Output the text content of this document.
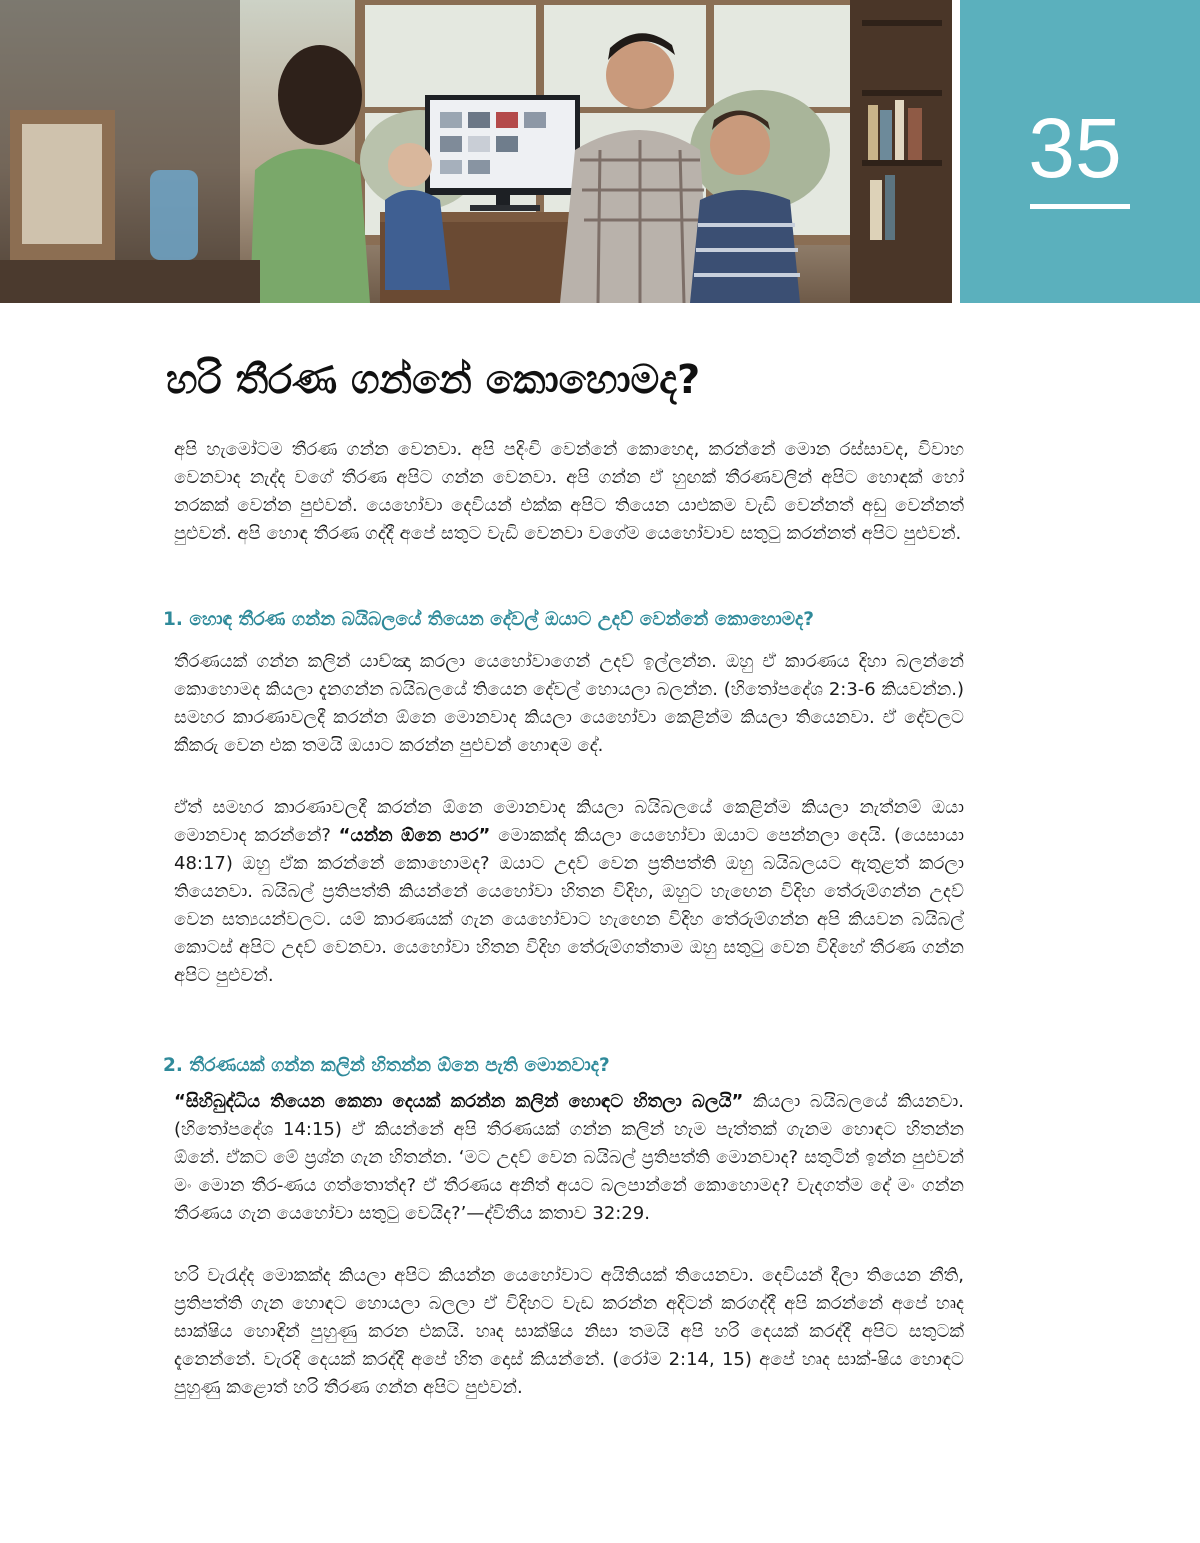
35
හරි තීරණ ගන්නේ කොහොමද?

අපි හැමෝටම තීරණ ගන්න වෙනවා. අපි පදිංචි වෙන්නේ කොහෙද, කරන්නේ මොන රස්සාවද, විවාහ වෙනවාද නැද්ද වගේ තීරණ අපිට ගන්න වෙනවා. අපි ගන්න ඒ හුඟක් තීරණවලින් අපිට හොඳක් හෝ නරකක් වෙන්න පුළුවන්. යෙහෝවා දෙවියන් එක්ක අපිට තියෙන යාළුකම වැඩි වෙන්නත් අඩු වෙන්නත් පුළුවන්. අපි හොඳ තීරණ ගද්දී අපේ සතුට වැඩි වෙනවා වගේම යෙහෝවාව සතුටු කරන්නත් අපිට පුළුවන්.

1. හොඳ තීරණ ගන්න බයිබලයේ තියෙන දේවල් ඔයාට උදව් වෙන්නේ කොහොමද?

තීරණයක් ගන්න කලින් යාච්ඤා කරලා යෙහෝවාගෙන් උදව් ඉල්ලන්න. ඔහු ඒ කාරණය දිහා බලන්නේ කොහොමද කියලා දැනගන්න බයිබලයේ තියෙන දේවල් හොයලා බලන්න. (හිතෝපදේශ 2:3-6 කියවන්න.) සමහර කාරණාවලදී කරන්න ඕනෙ මොනවාද කියලා යෙහෝවා කෙළින්ම කියලා තියෙනවා. ඒ දේවලට කීකරු වෙන එක තමයි ඔයාට කරන්න පුළුවන් හොඳම දේ.

ඒත් සමහර කාරණාවලදී කරන්න ඕනෙ මොනවාද කියලා බයිබලයේ කෙළින්ම කියලා නැත්නම් ඔයා මොනවාද කරන්නේ? “යන්න ඕනෙ පාර” මොකක්ද කියලා යෙහෝවා ඔයාට පෙන්නලා දෙයි. (යෙසායා 48:17) ඔහු ඒක කරන්නේ කොහොමද? ඔයාට උදව් වෙන ප්‍රතිපත්ති ඔහු බයිබලයට ඇතුළත් කරලා තියෙනවා. බයිබල් ප්‍රතිපත්ති කියන්නේ යෙහෝවා හිතන විදිහ, ඔහුට හැඟෙන විදිහ තේරුම්ගන්න උදව් වෙන සත්‍යයන්වලට. යම් කාරණයක් ගැන යෙහෝවාට හැඟෙන විදිහ තේරුම්ගන්න අපි කියවන බයිබල් කොටස් අපිට උදව් වෙනවා. යෙහෝවා හිතන විදිහ තේරුම්ගත්තාම ඔහු සතුටු වෙන විදිහේ තීරණ ගන්න අපිට පුළුවන්.

2. තීරණයක් ගන්න කලින් හිතන්න ඕනෙ පැති මොනවාද?

“සිහිබුද්ධිය තියෙන කෙනා දෙයක් කරන්න කලින් හොඳට හිතලා බලයි” කියලා බයිබලයේ කියනවා. (හිතෝපදේශ 14:15) ඒ කියන්නේ අපි තීරණයක් ගන්න කලින් හැම පැත්තක් ගැනම හොඳට හිතන්න ඕනේ. ඒකට මේ ප්‍රශ්න ගැන හිතන්න. ‘මට උදව් වෙන බයිබල් ප්‍රතිපත්ති මොනවාද? සතුටින් ඉන්න පුළුවන් මං මොන තීර-ණය ගත්තොත්ද? ඒ තීරණය අනිත් අයට බලපාන්නේ කොහොමද? වැදගත්ම දේ මං ගන්න තීරණය ගැන යෙහෝවා සතුටු වෙයිද?’—ද්විතීය කතාව 32:29.

හරි වැරැද්ද මොකක්ද කියලා අපිට කියන්න යෙහෝවාට අයිතියක් තියෙනවා. දෙවියන් දීලා තියෙන නීති, ප්‍රතිපත්ති ගැන හොඳට හොයලා බලලා ඒ විදිහට වැඩ කරන්න අදිටන් කරගද්දී අපි කරන්නේ අපේ හෘද සාක්ෂිය හොඳින් පුහුණු කරන එකයි. හෘද සාක්ෂිය නිසා තමයි අපි හරි දෙයක් කරද්දී අපිට සතුටක් දැනෙන්නේ. වැරදි දෙයක් කරද්දී අපේ හිත දොස් කියන්නේ. (රෝම 2:14, 15) අපේ හෘද සාක්-ෂිය හොඳට පුහුණු කළොත් හරි තීරණ ගන්න අපිට පුළුවන්.
